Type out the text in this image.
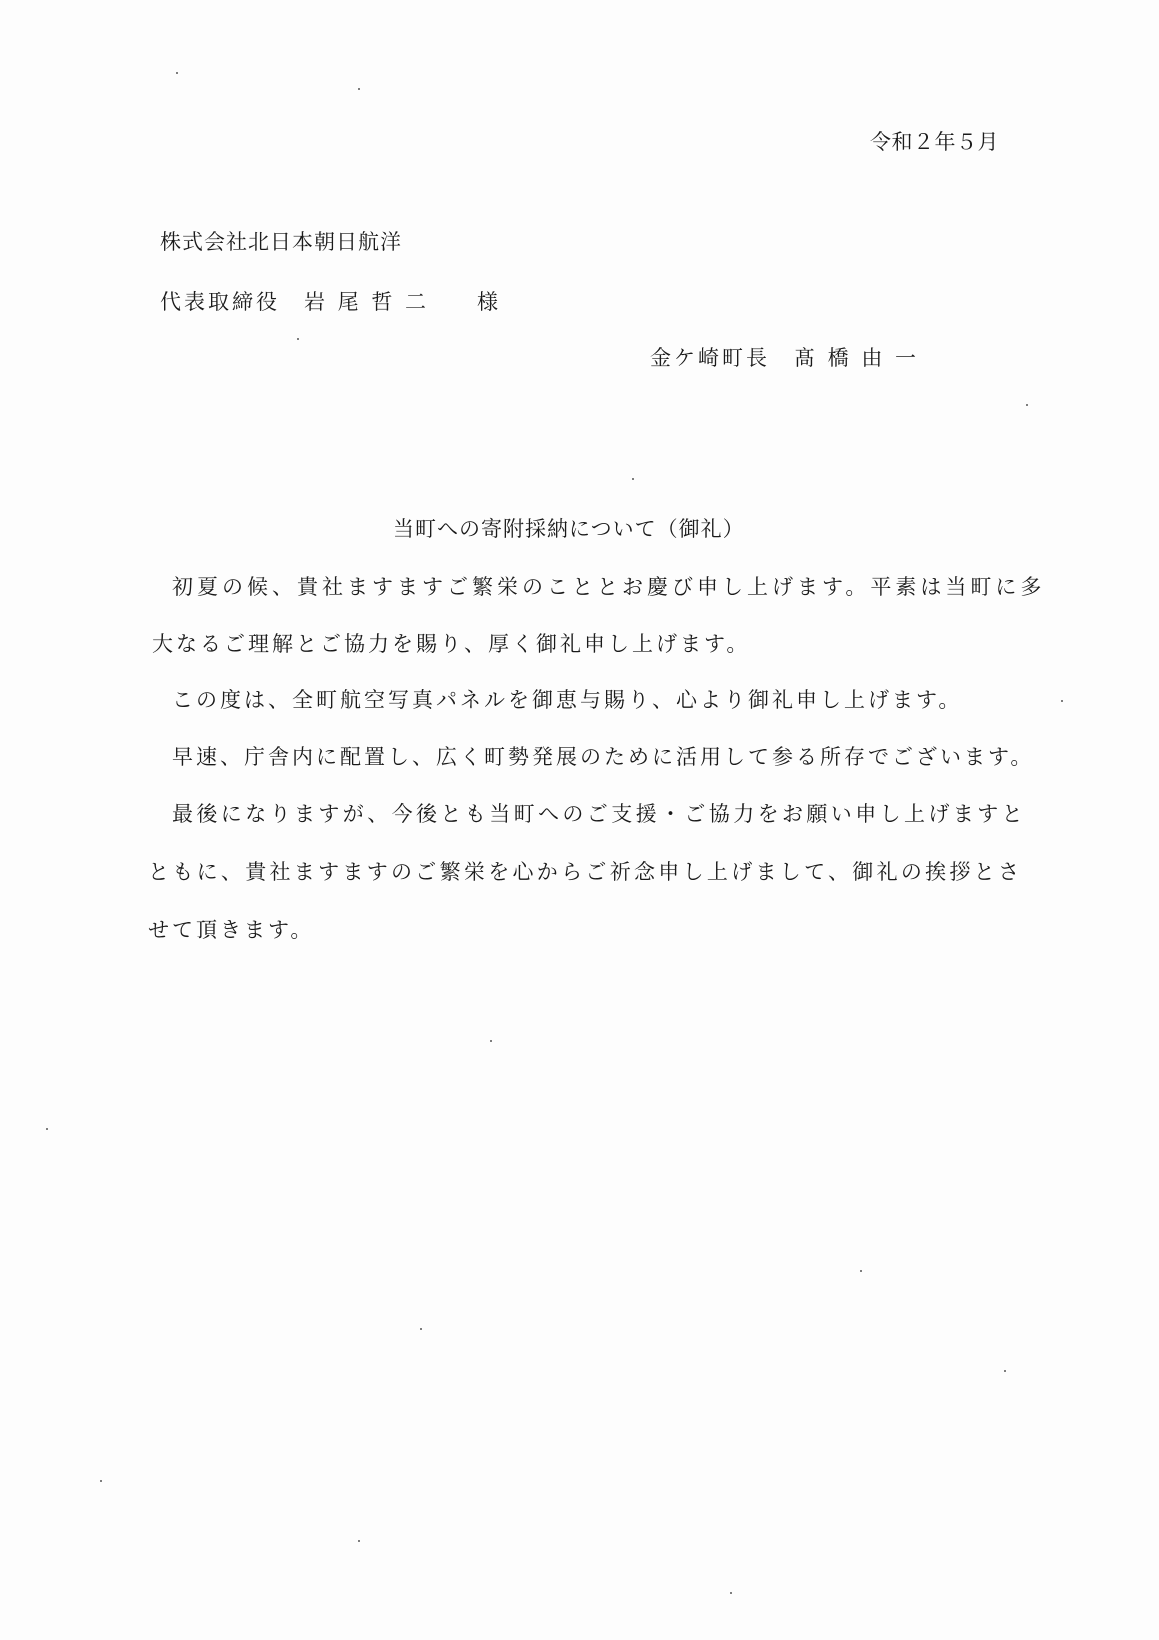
令和２年５月
株式会社北日本朝日航洋
代表取締役　岩 尾 哲 二　　様
金ケ崎町長　髙 橋 由 一
当町への寄附採納について（御礼）
初夏の候、貴社ますますご繁栄のこととお慶び申し上げます。平素は当町に多
大なるご理解とご協力を賜り、厚く御礼申し上げます。
この度は、全町航空写真パネルを御恵与賜り、心より御礼申し上げます。
早速、庁舎内に配置し、広く町勢発展のために活用して参る所存でございます。
最後になりますが、今後とも当町へのご支援・ご協力をお願い申し上げますと
ともに、貴社ますますのご繁栄を心からご祈念申し上げまして、御礼の挨拶とさ
せて頂きます。
